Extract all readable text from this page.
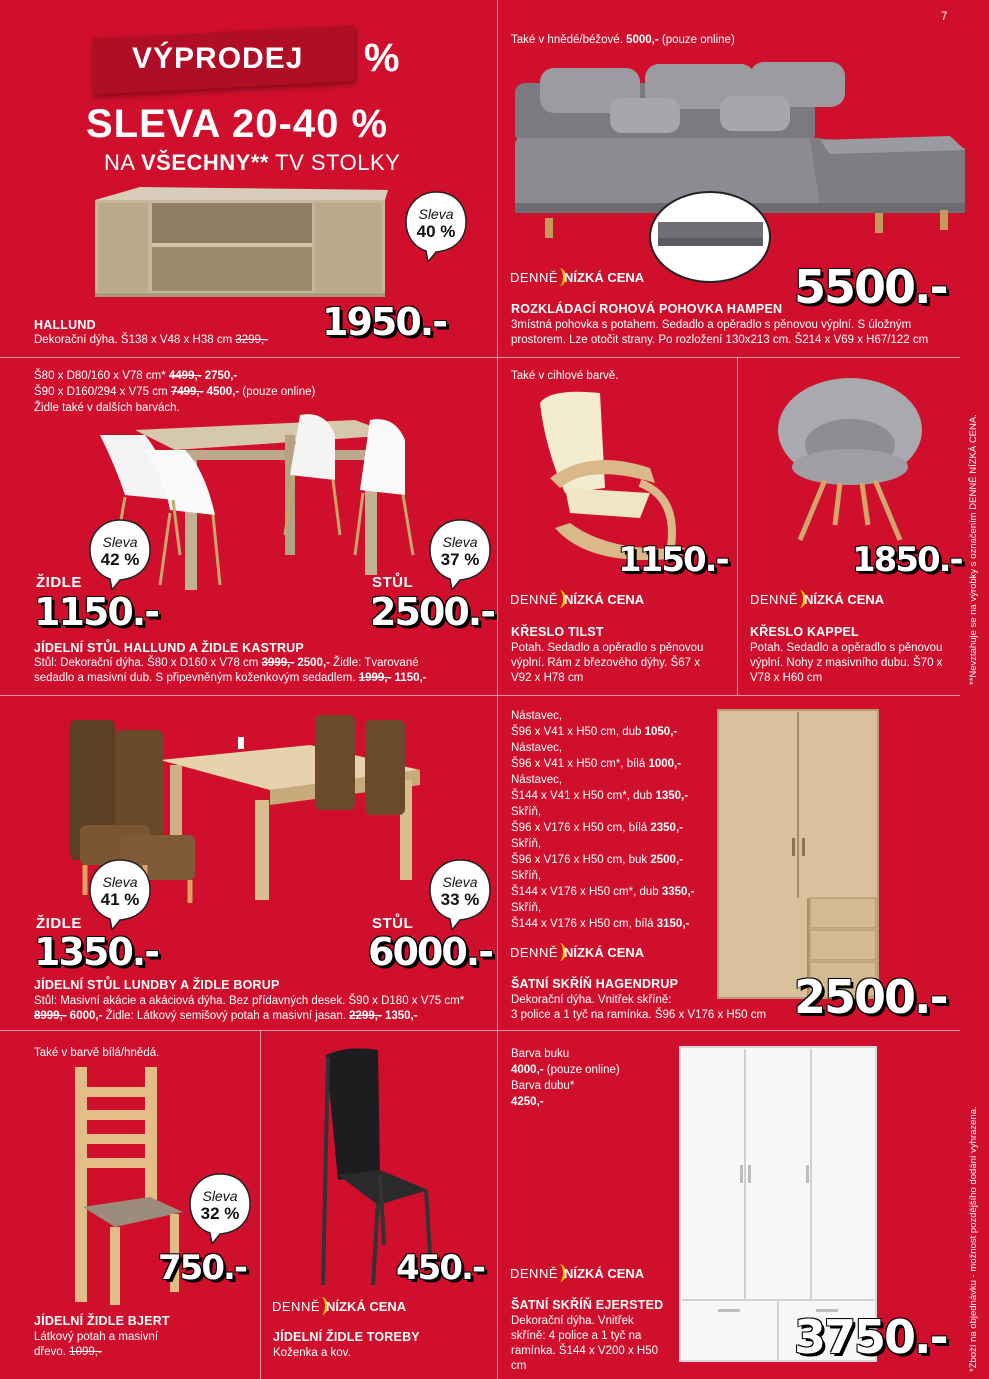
7
VÝPRODEJ %
SLEVA 20-40 %
NA VŠECHNY** TV STOLKY
Sleva
40 %
1950.-
HALLUND
Dekorační dýha. Š138 x V48 x H38 cm 3299,-
Také v hnědé/béžové. 5000,- (pouze online)
DENNĚ NÍZKÁ CENA	5500.-
ROZKLÁDACÍ ROHOVÁ POHOVKA HAMPEN
3místná pohovka s potahem. Sedadlo a opěradlo s pěnovou výplní. S úložným prostorem. Lze otočit strany. Po rozložení 130x213 cm. Š214 x V69 x H67/122 cm
Š80 x D80/160 x V78 cm* 4499,- 2750,-
Š90 x D160/294 x V75 cm 7499,- 4500,- (pouze online)
Židle také v dalších barvách.
Sleva
42 %
Sleva
37 %
ŽIDLE	STŮL
1150.-	2500.-
JÍDELNÍ STŮL HALLUND A ŽIDLE KASTRUP
Stůl: Dekorační dýha. Š80 x D160 x V78 cm 3999,- 2500,- Židle: Tvarované
sedadlo a masivní dub. S připevněným koženkovým sedadlem. 1999,- 1150,-
Také v cihlové barvě.
1150.-
DENNĚ NÍZKÁ CENA
KŘESLO TILST
Potah. Sedadlo a opěradlo s pěnovou výplní. Rám z březového dýhy. Š67 x V92 x H78 cm
1850.-
DENNĚ NÍZKÁ CENA
KŘESLO KAPPEL
Potah. Sedadlo a opěradlo s pěnovou výplní. Nohy z masivního dubu. Š70 x V78 x H60 cm	**Nevztahuje se na výrobky s označením DENNĚ NÍZKÁ CENA.
Sleva
41 %
Sleva
33 %
ŽIDLE	STŮL
1350.-	6000.-
JÍDELNÍ STŮL LUNDBY A ŽIDLE BORUP
Stůl: Masivní akácie a akáciová dýha. Bez přídavných desek. Š90 x D180 x V75 cm*
8999,- 6000,- Židle: Látkový semišový potah a masivní jasan. 2299,- 1350,-
Nástavec,
Š96 x V41 x H50 cm, dub 1050,-
Nástavec,
Š96 x V41 x H50 cm*, bílá 1000,-
Nástavec,
Š144 x V41 x H50 cm*, dub 1350,-
Skříň,
Š96 x V176 x H50 cm, bílá 2350,-
Skříň,
Š96 x V176 x H50 cm, buk 2500,-
Skříň,
Š144 x V176 x H50 cm*, dub 3350,-
Skříň,
Š144 x V176 x H50 cm, bílá 3150,-
DENNĚ NÍZKÁ CENA
2500.-
ŠATNÍ SKŘÍŇ HAGENDRUP
Dekorační dýha. Vnitřek skříně:
3 police a 1 tyč na ramínka. Š96 x V176 x H50 cm
Také v barvě bílá/hnědá.
Sleva
32 %
750.-
JÍDELNÍ ŽIDLE BJERT
Látkový potah a masivní dřevo. 1099,-
450.-
DENNĚ NÍZKÁ CENA
JÍDELNÍ ŽIDLE TOREBY
Koženka a kov.
Barva buku
4000,- (pouze online)
Barva dubu*
4250,-
DENNĚ NÍZKÁ CENA
ŠATNÍ SKŘÍŇ EJERSTED
Dekorační dýha. Vnitřek skříně: 4 police a 1 tyč na ramínka. Š144 x V200 x H50 cm
3750.- *Zboží na objednávku - možnost pozdějšího dodání vyhrazena.
